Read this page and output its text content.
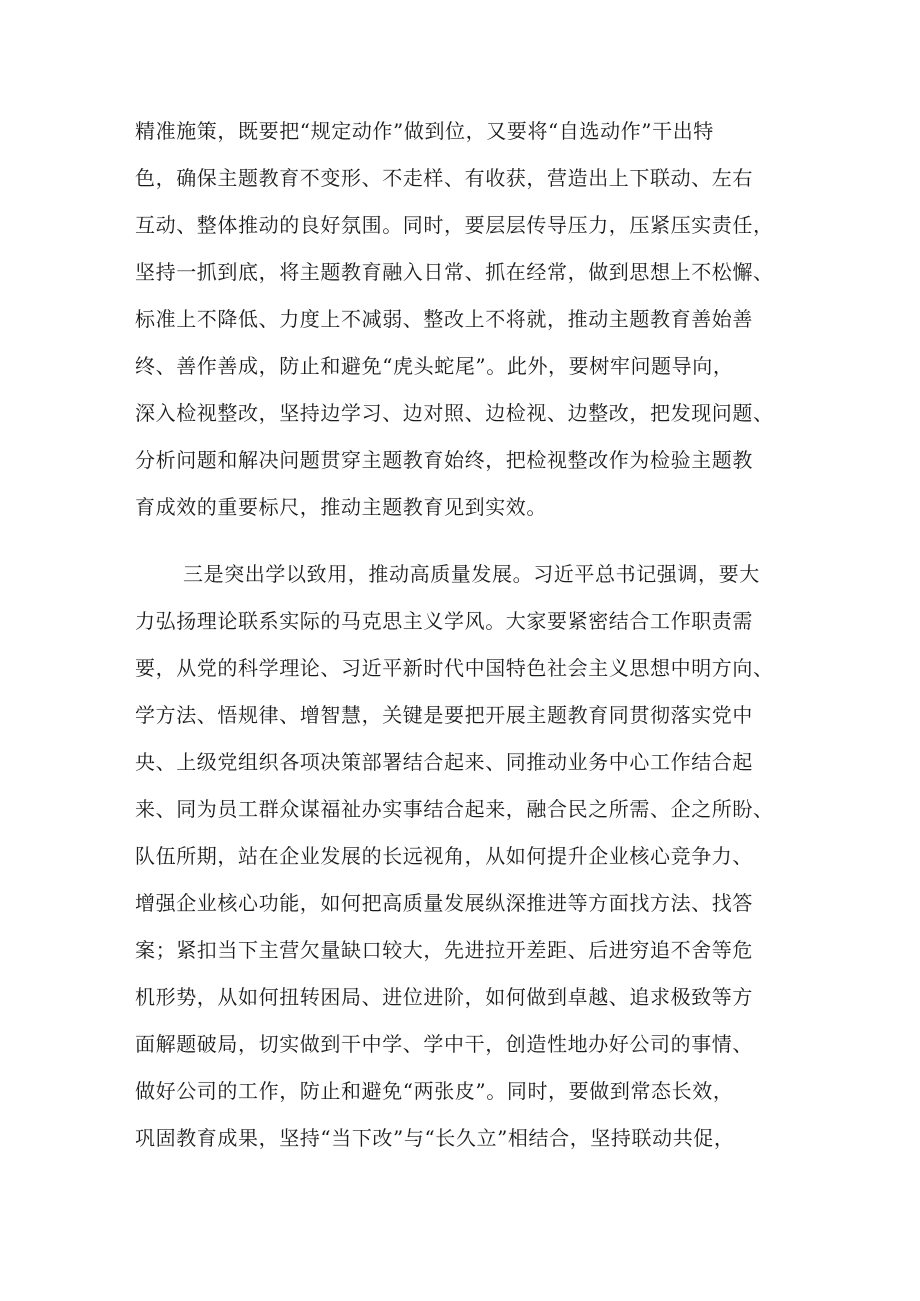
精准施策，既要把“规定动作”做到位，又要将“自选动作”干出特
色，确保主题教育不变形、不走样、有收获，营造出上下联动、左右
互动、整体推动的良好氛围。同时，要层层传导压力，压紧压实责任，
坚持一抓到底，将主题教育融入日常、抓在经常，做到思想上不松懈、
标准上不降低、力度上不减弱、整改上不将就，推动主题教育善始善
终、善作善成，防止和避免“虎头蛇尾”。此外，要树牢问题导向，
深入检视整改，坚持边学习、边对照、边检视、边整改，把发现问题、
分析问题和解决问题贯穿主题教育始终，把检视整改作为检验主题教
育成效的重要标尺，推动主题教育见到实效。
三是突出学以致用，推动高质量发展。习近平总书记强调，要大
力弘扬理论联系实际的马克思主义学风。大家要紧密结合工作职责需
要，从党的科学理论、习近平新时代中国特色社会主义思想中明方向、
学方法、悟规律、增智慧，关键是要把开展主题教育同贯彻落实党中
央、上级党组织各项决策部署结合起来、同推动业务中心工作结合起
来、同为员工群众谋福祉办实事结合起来，融合民之所需、企之所盼、
队伍所期，站在企业发展的长远视角，从如何提升企业核心竞争力、
增强企业核心功能，如何把高质量发展纵深推进等方面找方法、找答
案；紧扣当下主营欠量缺口较大，先进拉开差距、后进穷追不舍等危
机形势，从如何扭转困局、进位进阶，如何做到卓越、追求极致等方
面解题破局，切实做到干中学、学中干，创造性地办好公司的事情、
做好公司的工作，防止和避免“两张皮”。同时，要做到常态长效，
巩固教育成果，坚持“当下改”与“长久立”相结合，坚持联动共促，
